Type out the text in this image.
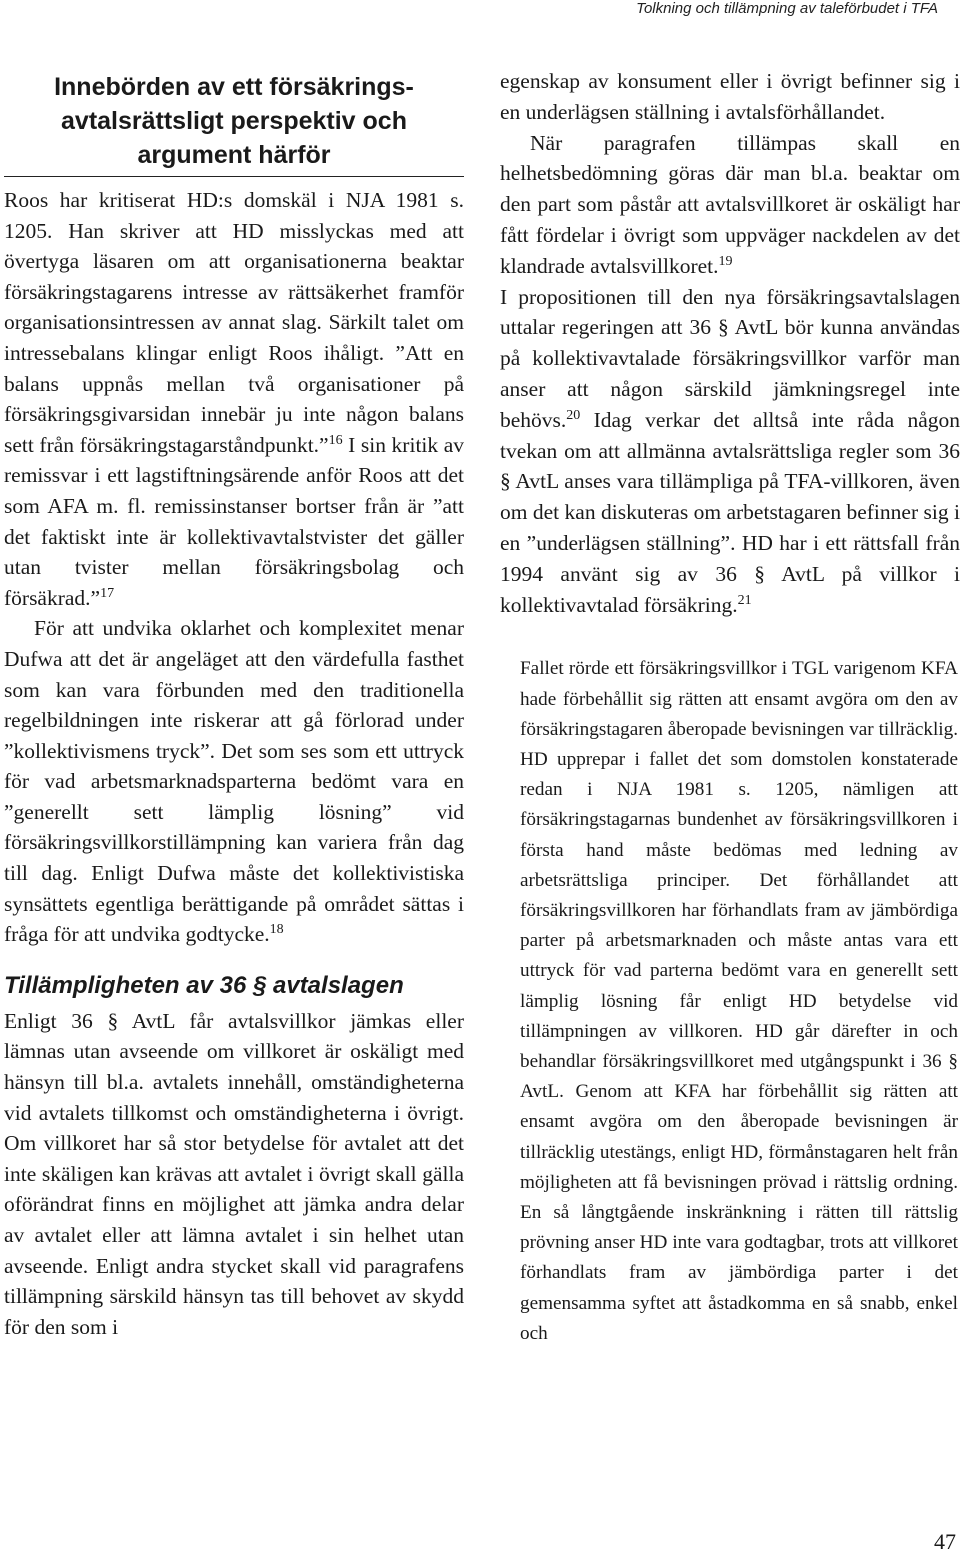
Tolkning och tillämpning av taleförbudet i TFA
Innebörden av ett försäkrings-
avtalsrättsligt perspektiv och
argument härför

Roos har kritiserat HD:s domskäl i NJA 1981 s. 1205. Han skriver att HD misslyckas med att övertyga läsaren om att organisationerna beaktar försäkringstagarens intresse av rättsäkerhet framför organisationsintressen av annat slag. Särkilt talet om intressebalans klingar enligt Roos ihåligt. ”Att en balans uppnås mellan två organisationer på försäkringsgivarsidan innebär ju inte någon balans sett från försäkringstagarståndpunkt.”$^{16}$ I sin kritik av remissvar i ett lagstiftningsärende anför Roos att det som AFA m. fl. remissinstanser bortser från är ”att det faktiskt inte är kollektivavtalstvister det gäller utan tvister mellan försäkringsbolag och försäkrad.”$^{17}$

För att undvika oklarhet och komplexitet menar Dufwa att det är angeläget att den värdefulla fasthet som kan vara förbunden med den traditionella regelbildningen inte riskerar att gå förlorad under ”kollektivismens tryck”. Det som ses som ett uttryck för vad arbetsmarknadsparterna bedömt vara en ”generellt sett lämplig lösning” vid försäkringsvillkorstillämpning kan variera från dag till dag. Enligt Dufwa måste det kollektivistiska synsättets egentliga berättigande på området sättas i fråga för att undvika godtycke.$^{18}$

Tillämpligheten av 36 § avtalslagen

Enligt 36 § AvtL får avtalsvillkor jämkas eller lämnas utan avseende om villkoret är oskäligt med hänsyn till bl.a. avtalets innehåll, omständigheterna vid avtalets tillkomst och omständigheterna i övrigt. Om villkoret har så stor betydelse för avtalet att det inte skäligen kan krävas att avtalet i övrigt skall gälla oförändrat finns en möjlighet att jämka andra delar av avtalet eller att lämna avtalet i sin helhet utan avseende. Enligt andra stycket skall vid paragrafens tillämpning särskild hänsyn tas till behovet av skydd för den som i

egenskap av konsument eller i övrigt befinner sig i en underlägsen ställning i avtalsförhållandet.

När paragrafen tillämpas skall en helhetsbedömning göras där man bl.a. beaktar om den part som påstår att avtalsvillkoret är oskäligt har fått fördelar i övrigt som uppväger nackdelen av det klandrade avtalsvillkoret.$^{19}$

I propositionen till den nya försäkringsavtalslagen uttalar regeringen att 36 § AvtL bör kunna användas på kollektivavtalade försäkringsvillkor varför man anser att någon särskild jämkningsregel inte behövs.$^{20}$ Idag verkar det alltså inte råda någon tvekan om att allmänna avtalsrättsliga regler som 36 § AvtL anses vara tillämpliga på TFA-villkoren, även om det kan diskuteras om arbetstagaren befinner sig i en ”underlägsen ställning”. HD har i ett rättsfall från 1994 använt sig av 36 § AvtL på villkor i kollektivavtalad försäkring.$^{21}$

Fallet rörde ett försäkringsvillkor i TGL varigenom KFA hade förbehållit sig rätten att ensamt avgöra om den av försäkringstagaren åberopade bevisningen var tillräcklig. HD upprepar i fallet det som domstolen konstaterade redan i NJA 1981 s. 1205, nämligen att försäkringstagarnas bundenhet av försäkringsvillkoren i första hand måste bedömas med ledning av arbetsrättsliga principer. Det förhållandet att försäkringsvillkoren har förhandlats fram av jämbördiga parter på arbetsmarknaden och måste antas vara ett uttryck för vad parterna bedömt vara en generellt sett lämplig lösning får enligt HD betydelse vid tillämpningen av villkoren. HD går därefter in och behandlar försäkringsvillkoret med utgångspunkt i 36 § AvtL. Genom att KFA har förbehållit sig rätten att ensamt avgöra om den åberopade bevisningen är tillräcklig utestängs, enligt HD, förmånstagaren helt från möjligheten att få bevisningen prövad i rättslig ordning. En så långtgående inskränkning i rätten till rättslig prövning anser HD inte vara godtagbar, trots att villkoret förhandlats fram av jämbördiga parter i det gemensamma syftet att åstadkomma en så snabb, enkel och
47
